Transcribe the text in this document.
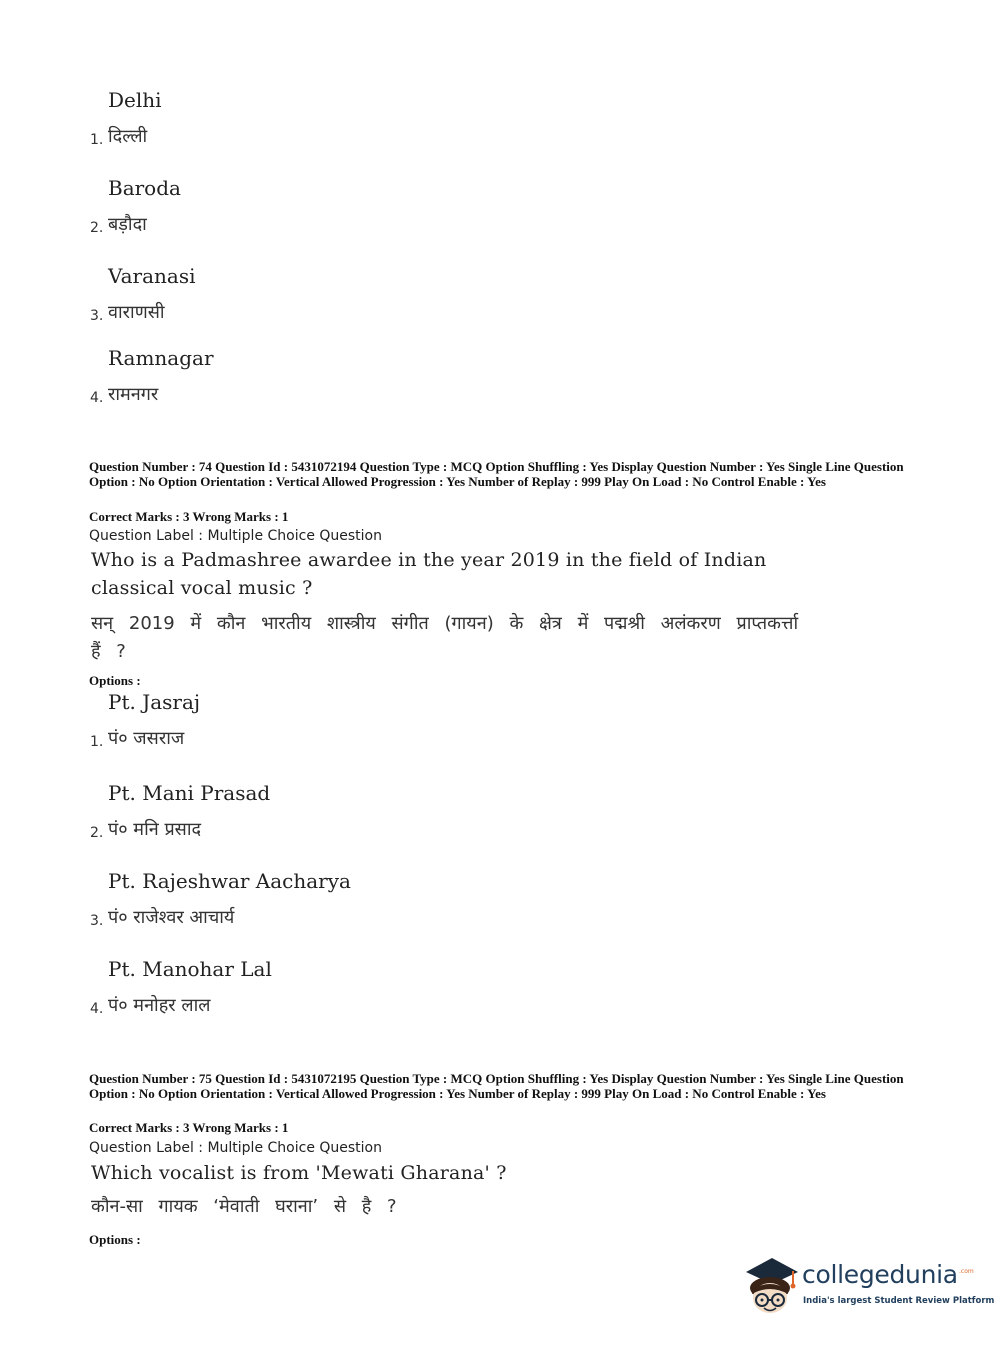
Delhi
1. दिल्ली
Baroda
2. बड़ौदा
Varanasi
3. वाराणसी
Ramnagar
4. रामनगर
Question Number : 74 Question Id : 5431072194 Question Type : MCQ Option Shuffling : Yes Display Question Number : Yes Single Line Question Option : No Option Orientation : Vertical Allowed Progression : Yes Number of Replay : 999 Play On Load : No Control Enable : Yes
Correct Marks : 3 Wrong Marks : 1
Question Label : Multiple Choice Question
Who is a Padmashree awardee in the year 2019 in the field of Indian classical vocal music ?
सन् 2019 में कौन भारतीय शास्त्रीय संगीत (गायन) के क्षेत्र में पद्मश्री अलंकरण प्राप्तकर्त्ता हैं ?
Options :
Pt. Jasraj
1. पं० जसराज
Pt. Mani Prasad
2. पं० मनि प्रसाद
Pt. Rajeshwar Aacharya
3. पं० राजेश्वर आचार्य
Pt. Manohar Lal
4. पं० मनोहर लाल
Question Number : 75 Question Id : 5431072195 Question Type : MCQ Option Shuffling : Yes Display Question Number : Yes Single Line Question Option : No Option Orientation : Vertical Allowed Progression : Yes Number of Replay : 999 Play On Load : No Control Enable : Yes
Correct Marks : 3 Wrong Marks : 1
Question Label : Multiple Choice Question
Which vocalist is from 'Mewati Gharana' ?
कौन-सा गायक ‘मेवाती घराना’ से है ?
Options :
collegedunia .com
India's largest Student Review Platform
